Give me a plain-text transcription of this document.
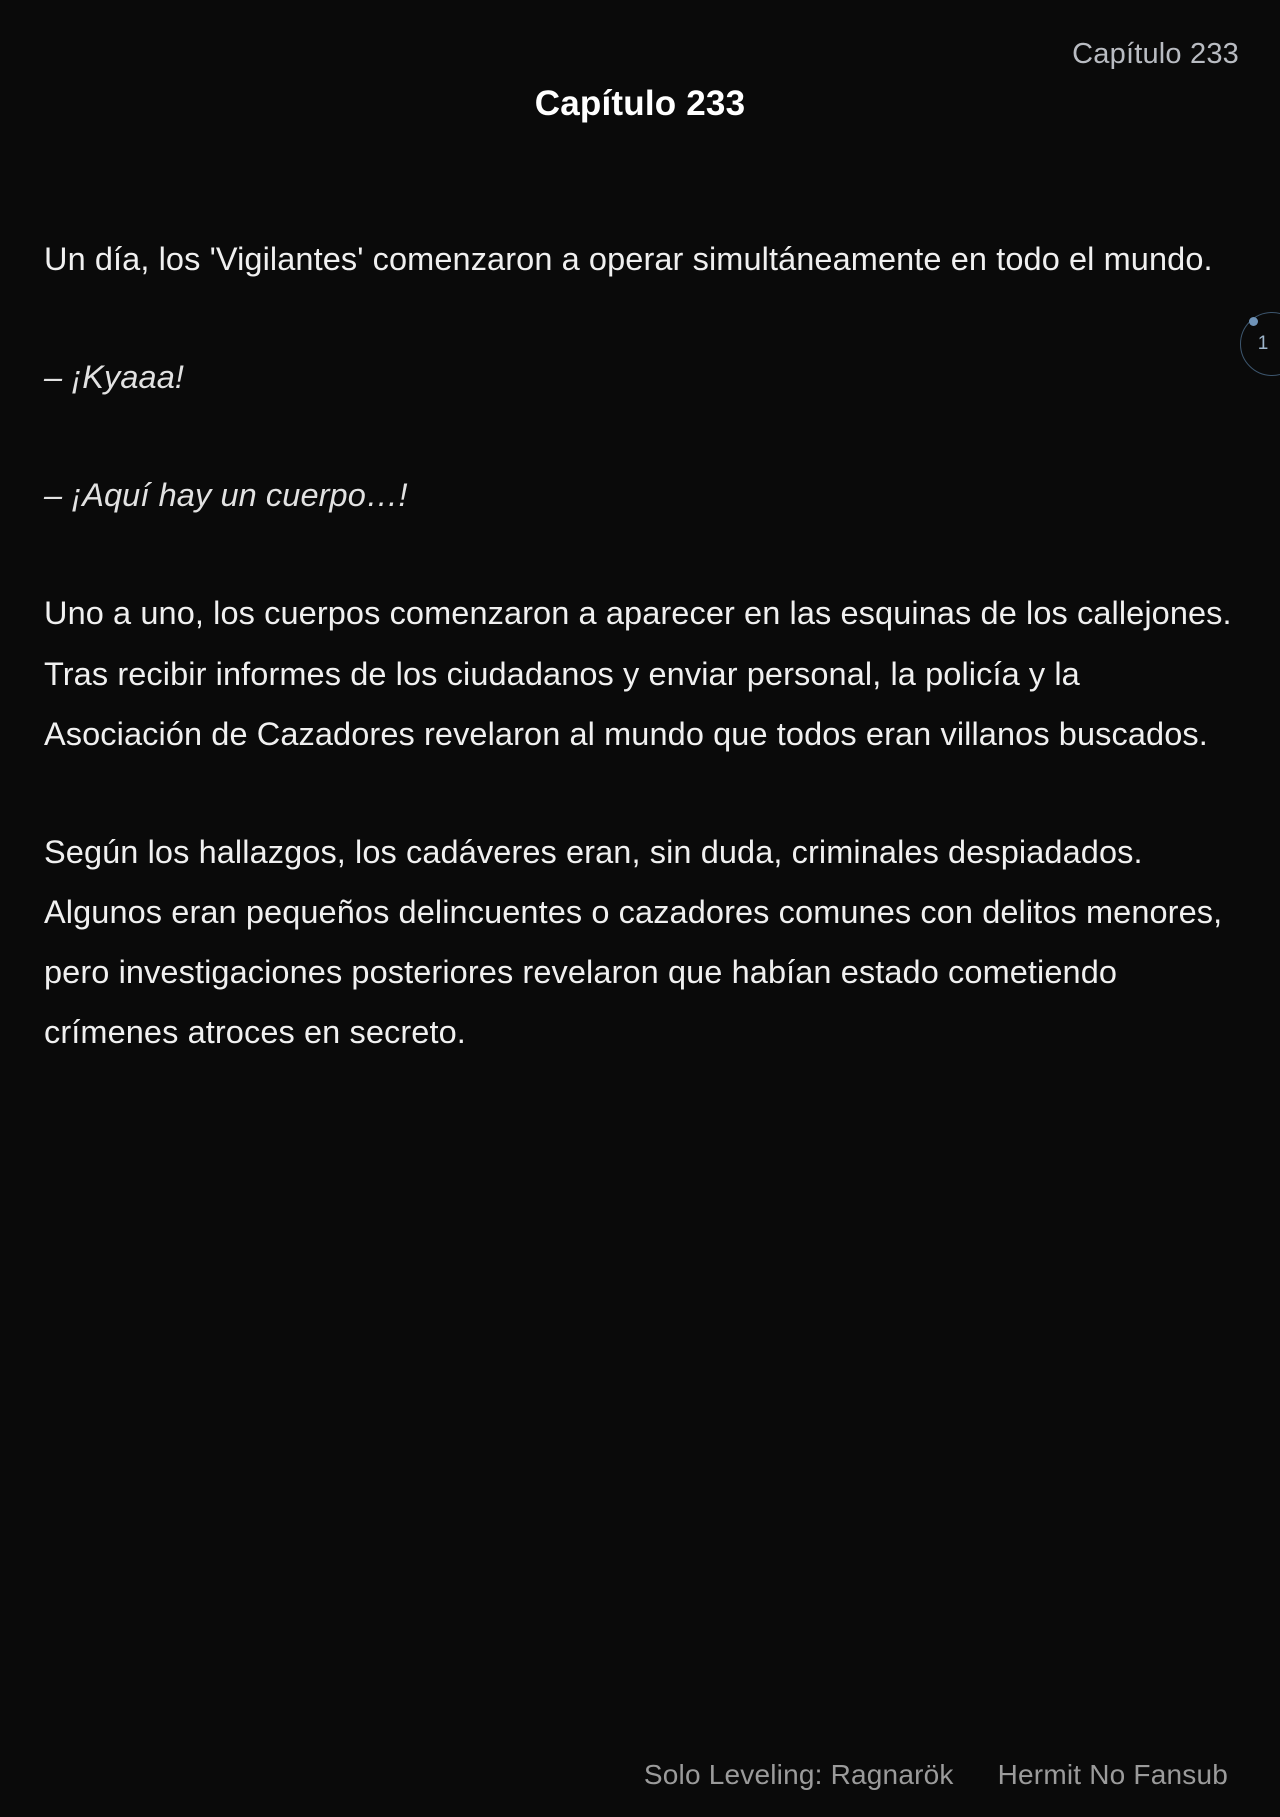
Capítulo 233
Capítulo 233
1

Un día, los 'Vigilantes' comenzaron a operar simultáneamente en todo el mundo.

– ¡Kyaaa!

– ¡Aquí hay un cuerpo…!

Uno a uno, los cuerpos comenzaron a aparecer en las esquinas de los callejones. Tras recibir informes de los ciudadanos y enviar personal, la policía y la Asociación de Cazadores revelaron al mundo que todos eran villanos buscados.

Según los hallazgos, los cadáveres eran, sin duda, criminales despiadados. Algunos eran pequeños delincuentes o cazadores comunes con delitos menores, pero investigaciones posteriores revelaron que habían estado cometiendo crímenes atroces en secreto.

Solo Leveling: Ragnarök Hermit No Fansub
